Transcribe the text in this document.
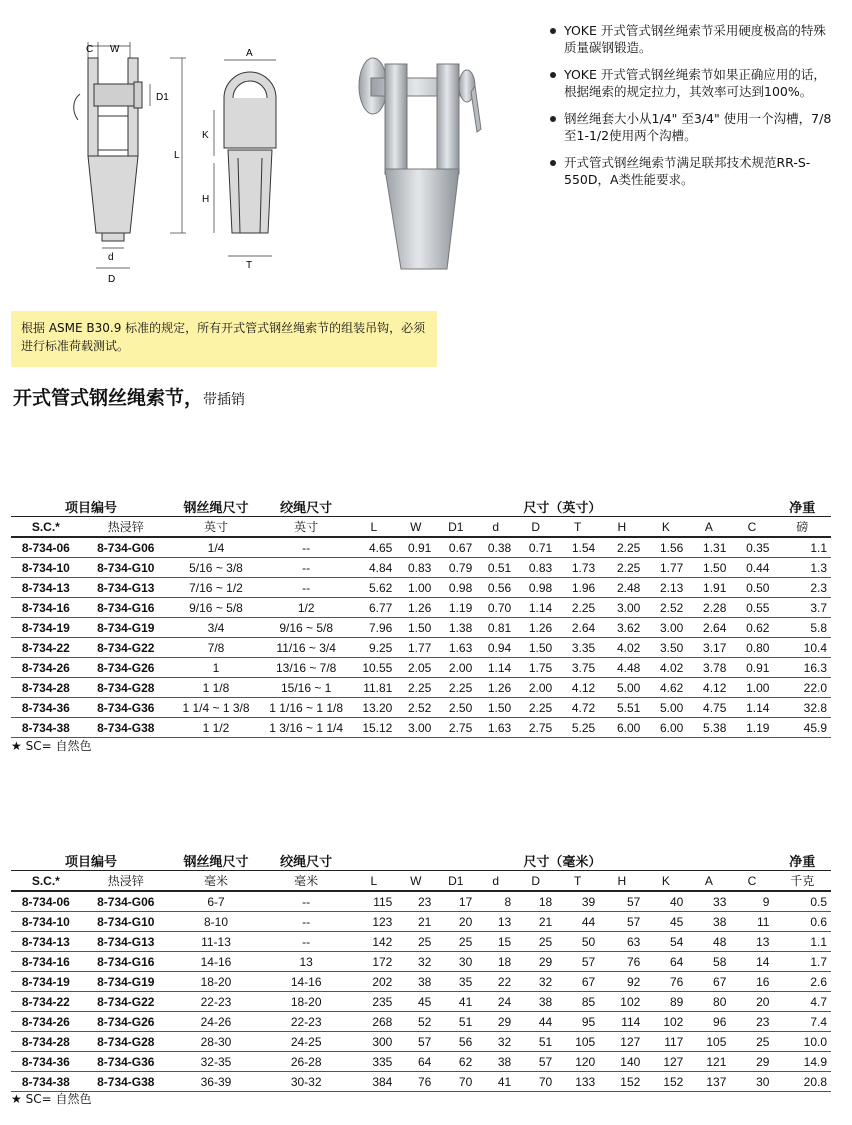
C W
D1
L
d
D
A
K
H
T
YOKE 开式管式钢丝绳索节采用硬度极高的特殊质量碳钢锻造。
YOKE 开式管式钢丝绳索节如果正确应用的话，根据绳索的规定拉力，其效率可达到100%。
钢丝绳套大小从1/4" 至3/4" 使用一个沟槽，7/8至1-1/2使用两个沟槽。
开式管式钢丝绳索节满足联邦技术规范RR-S-550D，A类性能要求。
根据 ASME B30.9 标准的规定，所有开式管式钢丝绳索节的组装吊钩，必须进行标准荷载测试。
开式管式钢丝绳索节，带插销
项目编号		钢丝绳尺寸	绞绳尺寸	尺寸（英寸）										净重
S.C.*	热浸锌	英寸	英寸	L	W	D1	d	D	T	H	K	A	C	磅
8-734-06	8-734-G06	1/4	--	4.65	0.91	0.67	0.38	0.71	1.54	2.25	1.56	1.31	0.35	1.1
8-734-10	8-734-G10	5/16 ~ 3/8	--	4.84	0.83	0.79	0.51	0.83	1.73	2.25	1.77	1.50	0.44	1.3
8-734-13	8-734-G13	7/16 ~ 1/2	--	5.62	1.00	0.98	0.56	0.98	1.96	2.48	2.13	1.91	0.50	2.3
8-734-16	8-734-G16	9/16 ~ 5/8	1/2	6.77	1.26	1.19	0.70	1.14	2.25	3.00	2.52	2.28	0.55	3.7
8-734-19	8-734-G19	3/4	9/16 ~ 5/8	7.96	1.50	1.38	0.81	1.26	2.64	3.62	3.00	2.64	0.62	5.8
8-734-22	8-734-G22	7/8	11/16 ~ 3/4	9.25	1.77	1.63	0.94	1.50	3.35	4.02	3.50	3.17	0.80	10.4
8-734-26	8-734-G26	1	13/16 ~ 7/8	10.55	2.05	2.00	1.14	1.75	3.75	4.48	4.02	3.78	0.91	16.3
8-734-28	8-734-G28	1 1/8	15/16 ~ 1	11.81	2.25	2.25	1.26	2.00	4.12	5.00	4.62	4.12	1.00	22.0
8-734-36	8-734-G36	1 1/4 ~ 1 3/8	1 1/16 ~ 1 1/8	13.20	2.52	2.50	1.50	2.25	4.72	5.51	5.00	4.75	1.14	32.8
8-734-38	8-734-G38	1 1/2	1 3/16 ~ 1 1/4	15.12	3.00	2.75	1.63	2.75	5.25	6.00	6.00	5.38	1.19	45.9
★ SC= 自然色
项目编号		钢丝绳尺寸	绞绳尺寸	尺寸（毫米）										净重
S.C.*	热浸锌	毫米	毫米	L	W	D1	d	D	T	H	K	A	C	千克
8-734-06	8-734-G06	6-7	--	115	23	17	8	18	39	57	40	33	9	0.5
8-734-10	8-734-G10	8-10	--	123	21	20	13	21	44	57	45	38	11	0.6
8-734-13	8-734-G13	11-13	--	142	25	25	15	25	50	63	54	48	13	1.1
8-734-16	8-734-G16	14-16	13	172	32	30	18	29	57	76	64	58	14	1.7
8-734-19	8-734-G19	18-20	14-16	202	38	35	22	32	67	92	76	67	16	2.6
8-734-22	8-734-G22	22-23	18-20	235	45	41	24	38	85	102	89	80	20	4.7
8-734-26	8-734-G26	24-26	22-23	268	52	51	29	44	95	114	102	96	23	7.4
8-734-28	8-734-G28	28-30	24-25	300	57	56	32	51	105	127	117	105	25	10.0
8-734-36	8-734-G36	32-35	26-28	335	64	62	38	57	120	140	127	121	29	14.9
8-734-38	8-734-G38	36-39	30-32	384	76	70	41	70	133	152	152	137	30	20.8
★ SC= 自然色
